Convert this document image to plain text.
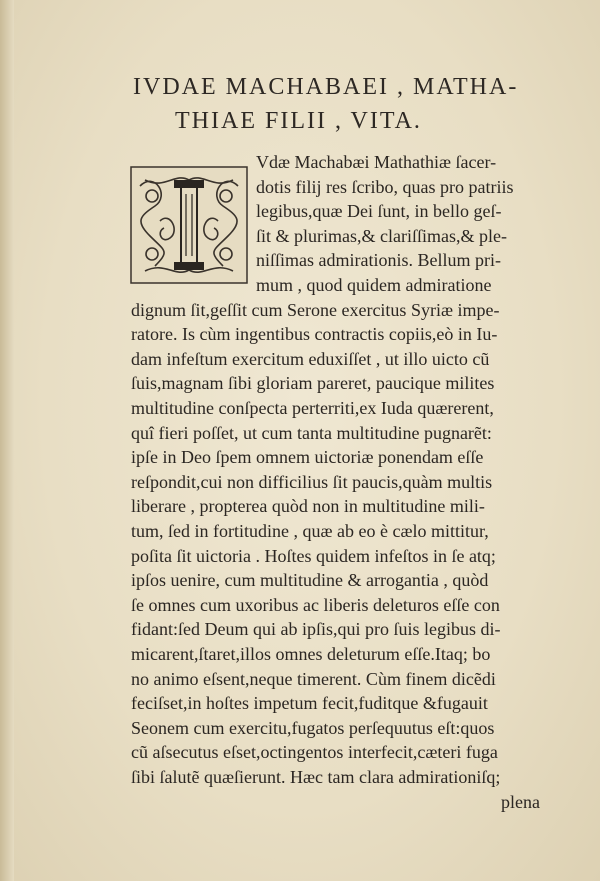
IVDAE MACHABAEI , MATHA-
THIAE FILII , VITA.
Vdæ Machabæi Mathathiæ ſacer-
dotis filij res ſcribo, quas pro patriis
legibus,quæ Dei ſunt, in bello geſ-
ſit & plurimas,& clariſſimas,& ple-
niſſimas admirationis. Bellum pri-
mum , quod quidem admiratione
dignum ſit,geſſit cum Serone exercitus Syriæ impe-
ratore. Is cùm ingentibus contractis copiis,eò in Iu-
dam infeſtum exercitum eduxiſſet , ut illo uicto cũ
ſuis,magnam ſibi gloriam pareret, paucique milites
multitudine conſpecta perterriti,ex Iuda quærerent,
quî fieri poſſet, ut cum tanta multitudine pugnarẽt:
ipſe in Deo ſpem omnem uictoriæ ponendam eſſe
reſpondit,cui non difficilius ſit paucis,quàm multis
liberare , propterea quòd non in multitudine mili-
tum, ſed in fortitudine , quæ ab eo è cælo mittitur,
poſita ſit uictoria . Hoſtes quidem infeſtos in ſe atq;
ipſos uenire, cum multitudine & arrogantia , quòd
ſe omnes cum uxoribus ac liberis deleturos eſſe con
fidant:ſed Deum qui ab ipſis,qui pro ſuis legibus di-
micarent,ſtaret,illos omnes deleturum eſſe.Itaq; bo
no animo eſsent,neque timerent. Cùm finem dicẽdi
feciſset,in hoſtes impetum fecit,fuditque &fugauit
Seonem cum exercitu,fugatos perſequutus eſt:quos
cũ aſsecutus eſset,octingentos interfecit,cæteri fuga
ſibi ſalutẽ quæſierunt. Hæc tam clara admirationiſq;
plena
